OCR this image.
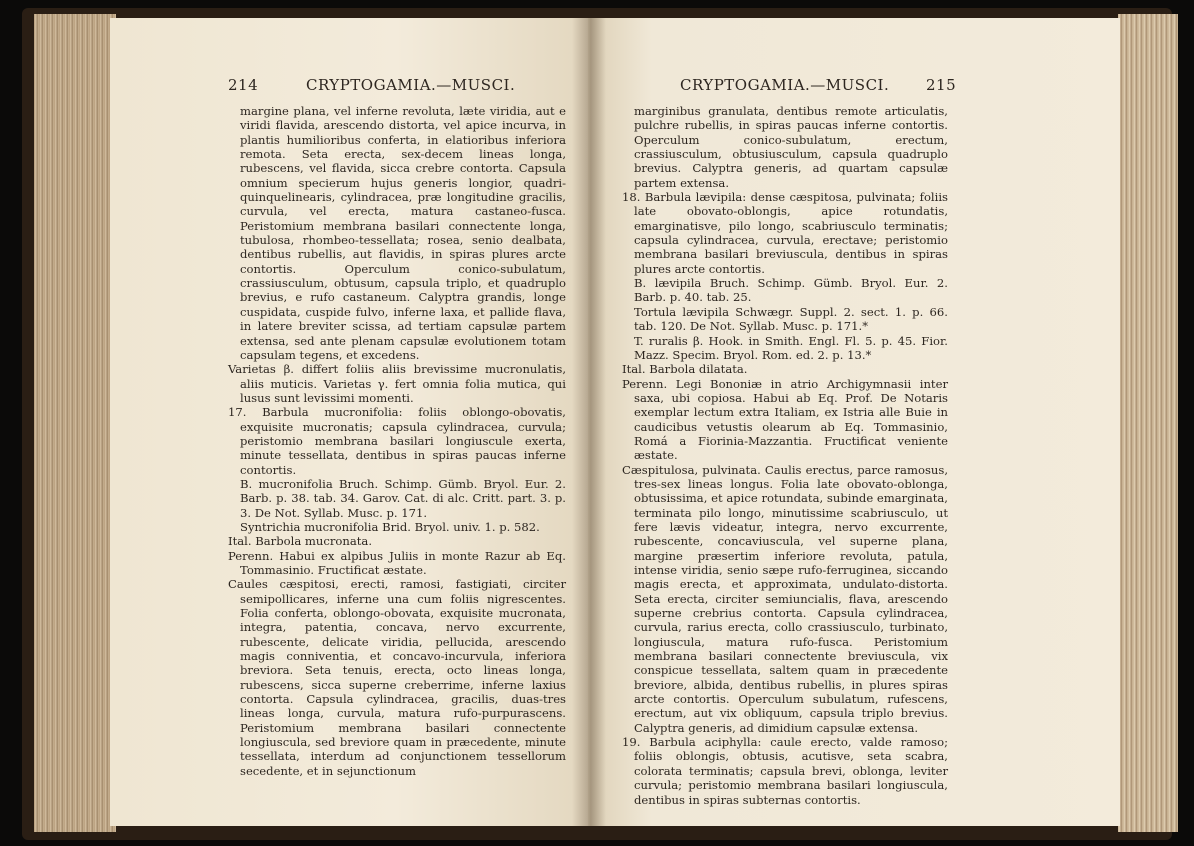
214	CRYPTOGAMIA.—MUSCI.

margine plana, vel inferne revoluta, læte viridia, aut e viridi flavida, arescendo distorta, vel apice incurva, in plantis humilioribus conferta, in elatioribus inferiora remota. Seta erecta, sex-decem lineas longa, rubescens, vel flavida, sicca crebre contorta. Capsula omnium specierum hujus generis longior, quadri-quinquelinearis, cylindracea, præ longitudine gracilis, curvula, vel erecta, matura castaneo-fusca. Peristomium membrana basilari connectente longa, tubulosa, rhombeo-tessellata; rosea, senio dealbata, dentibus rubellis, aut flavidis, in spiras plures arcte contortis. Operculum conico-subulatum, crassiusculum, obtusum, capsula triplo, et quadruplo brevius, e rufo castaneum. Calyptra grandis, longe cuspidata, cuspide fulvo, inferne laxa, et pallide flava, in latere breviter scissa, ad tertiam capsulæ partem extensa, sed ante plenam capsulæ evolutionem totam capsulam tegens, et excedens.

Varietas β. differt foliis aliis brevissime mucronulatis, aliis muticis. Varietas γ. fert omnia folia mutica, qui lusus sunt levissimi momenti.

17. Barbula mucronifolia: foliis oblongo-obovatis, exquisite mucronatis; capsula cylindracea, curvula; peristomio membrana basilari longiuscule exerta, minute tessellata, dentibus in spiras paucas inferne contortis.

B. mucronifolia Bruch. Schimp. Gümb. Bryol. Eur. 2. Barb. p. 38. tab. 34. Garov. Cat. di alc. Critt. part. 3. p. 3. De Not. Syllab. Musc. p. 171.

Syntrichia mucronifolia Brid. Bryol. univ. 1. p. 582.

Ital. Barbola mucronata.

Perenn. Habui ex alpibus Juliis in monte Razur ab Eq. Tommasinio. Fructificat æstate.

Caules cæspitosi, erecti, ramosi, fastigiati, circiter semipollicares, inferne una cum foliis nigrescentes. Folia conferta, oblongo-obovata, exquisite mucronata, integra, patentia, concava, nervo excurrente, rubescente, delicate viridia, pellucida, arescendo magis conniventia, et concavo-incurvula, inferiora breviora. Seta tenuis, erecta, octo lineas longa, rubescens, sicca superne creberrime, inferne laxius contorta. Capsula cylindracea, gracilis, duas-tres lineas longa, curvula, matura rufo-purpurascens. Peristomium membrana basilari connectente longiuscula, sed breviore quam in præcedente, minute tessellata, interdum ad conjunctionem tessellorum secedente, et in sejunctionum

CRYPTOGAMIA.—MUSCI. 215

marginibus granulata, dentibus remote articulatis, pulchre rubellis, in spiras paucas inferne contortis. Operculum conico-subulatum, erectum, crassiusculum, obtusiusculum, capsula quadruplo brevius. Calyptra generis, ad quartam capsulæ partem extensa.

18. Barbula lævipila: dense cæspitosa, pulvinata; foliis late obovato-oblongis, apice rotundatis, emarginatisve, pilo longo, scabriusculo terminatis; capsula cylindracea, curvula, erectave; peristomio membrana basilari breviuscula, dentibus in spiras plures arcte contortis.

B. lævipila Bruch. Schimp. Gümb. Bryol. Eur. 2. Barb. p. 40. tab. 25.

Tortula lævipila Schwægr. Suppl. 2. sect. 1. p. 66. tab. 120. De Not. Syllab. Musc. p. 171.*

T. ruralis β. Hook. in Smith. Engl. Fl. 5. p. 45. Fior. Mazz. Specim. Bryol. Rom. ed. 2. p. 13.*

Ital. Barbola dilatata.

Perenn. Legi Bononiæ in atrio Archigymnasii inter saxa, ubi copiosa. Habui ab Eq. Prof. De Notaris exemplar lectum extra Italiam, ex Istria alle Buie in caudicibus vetustis olearum ab Eq. Tommasinio, Romá a Fiorinia-Mazzantia. Fructificat veniente æstate.

Cæspitulosa, pulvinata. Caulis erectus, parce ramosus, tres-sex lineas longus. Folia late obovato-oblonga, obtusissima, et apice rotundata, subinde emarginata, terminata pilo longo, minutissime scabriusculo, ut fere lævis videatur, integra, nervo excurrente, rubescente, concaviuscula, vel superne plana, margine præsertim inferiore revoluta, patula, intense viridia, senio sæpe rufo-ferruginea, siccando magis erecta, et approximata, undulato-distorta. Seta erecta, circiter semiuncialis, flava, arescendo superne crebrius contorta. Capsula cylindracea, curvula, rarius erecta, collo crassiusculo, turbinato, longiuscula, matura rufo-fusca. Peristomium membrana basilari connectente breviuscula, vix conspicue tessellata, saltem quam in præcedente breviore, albida, dentibus rubellis, in plures spiras arcte contortis. Operculum subulatum, rufescens, erectum, aut vix obliquum, capsula triplo brevius. Calyptra generis, ad dimidium capsulæ extensa.

19. Barbula aciphylla: caule erecto, valde ramoso; foliis oblongis, obtusis, acutisve, seta scabra, colorata terminatis; capsula brevi, oblonga, leviter curvula; peristomio membrana basilari longiuscula, dentibus in spiras subternas contortis.
